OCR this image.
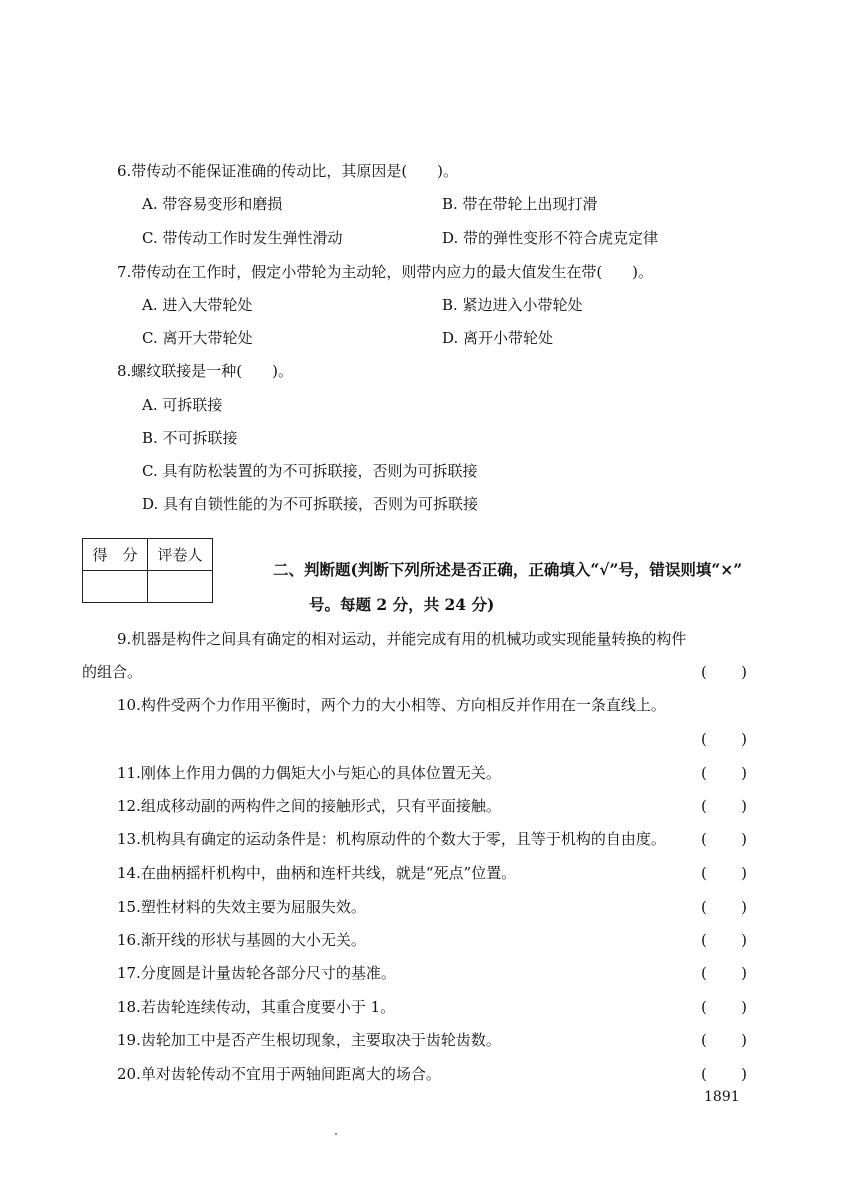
6.带传动不能保证准确的传动比，其原因是(　　)。
A. 带容易变形和磨损	B. 带在带轮上出现打滑
C. 带传动工作时发生弹性滑动	D. 带的弹性变形不符合虎克定律
7.带传动在工作时，假定小带轮为主动轮，则带内应力的最大值发生在带(　　)。
A. 进入大带轮处	B. 紧边进入小带轮处
C. 离开大带轮处	D. 离开小带轮处
8.螺纹联接是一种(　　)。
A. 可拆联接
B. 不可拆联接
C. 具有防松装置的为不可拆联接，否则为可拆联接
D. 具有自锁性能的为不可拆联接，否则为可拆联接
得　分	评卷人

二、判断题(判断下列所述是否正确，正确填入“√”号，错误则填“×”
号。每题 2 分，共 24 分)
9.机器是构件之间具有确定的相对运动，并能完成有用的机械功或实现能量转换的构件
的组合。	( )
10.构件受两个力作用平衡时，两个力的大小相等、方向相反并作用在一条直线上。
( )
11.刚体上作用力偶的力偶矩大小与矩心的具体位置无关。	( )
12.组成移动副的两构件之间的接触形式，只有平面接触。	( )
13.机构具有确定的运动条件是：机构原动件的个数大于零，且等于机构的自由度。 ( )
14.在曲柄摇杆机构中，曲柄和连杆共线，就是“死点”位置。	( )
15.塑性材料的失效主要为屈服失效。	( )
16.渐开线的形状与基圆的大小无关。	( )
17.分度圆是计量齿轮各部分尺寸的基准。	( )
18.若齿轮连续传动，其重合度要小于 1。	( )
19.齿轮加工中是否产生根切现象，主要取决于齿轮齿数。	( )
20.单对齿轮传动不宜用于两轴间距离大的场合。	( )
1891
